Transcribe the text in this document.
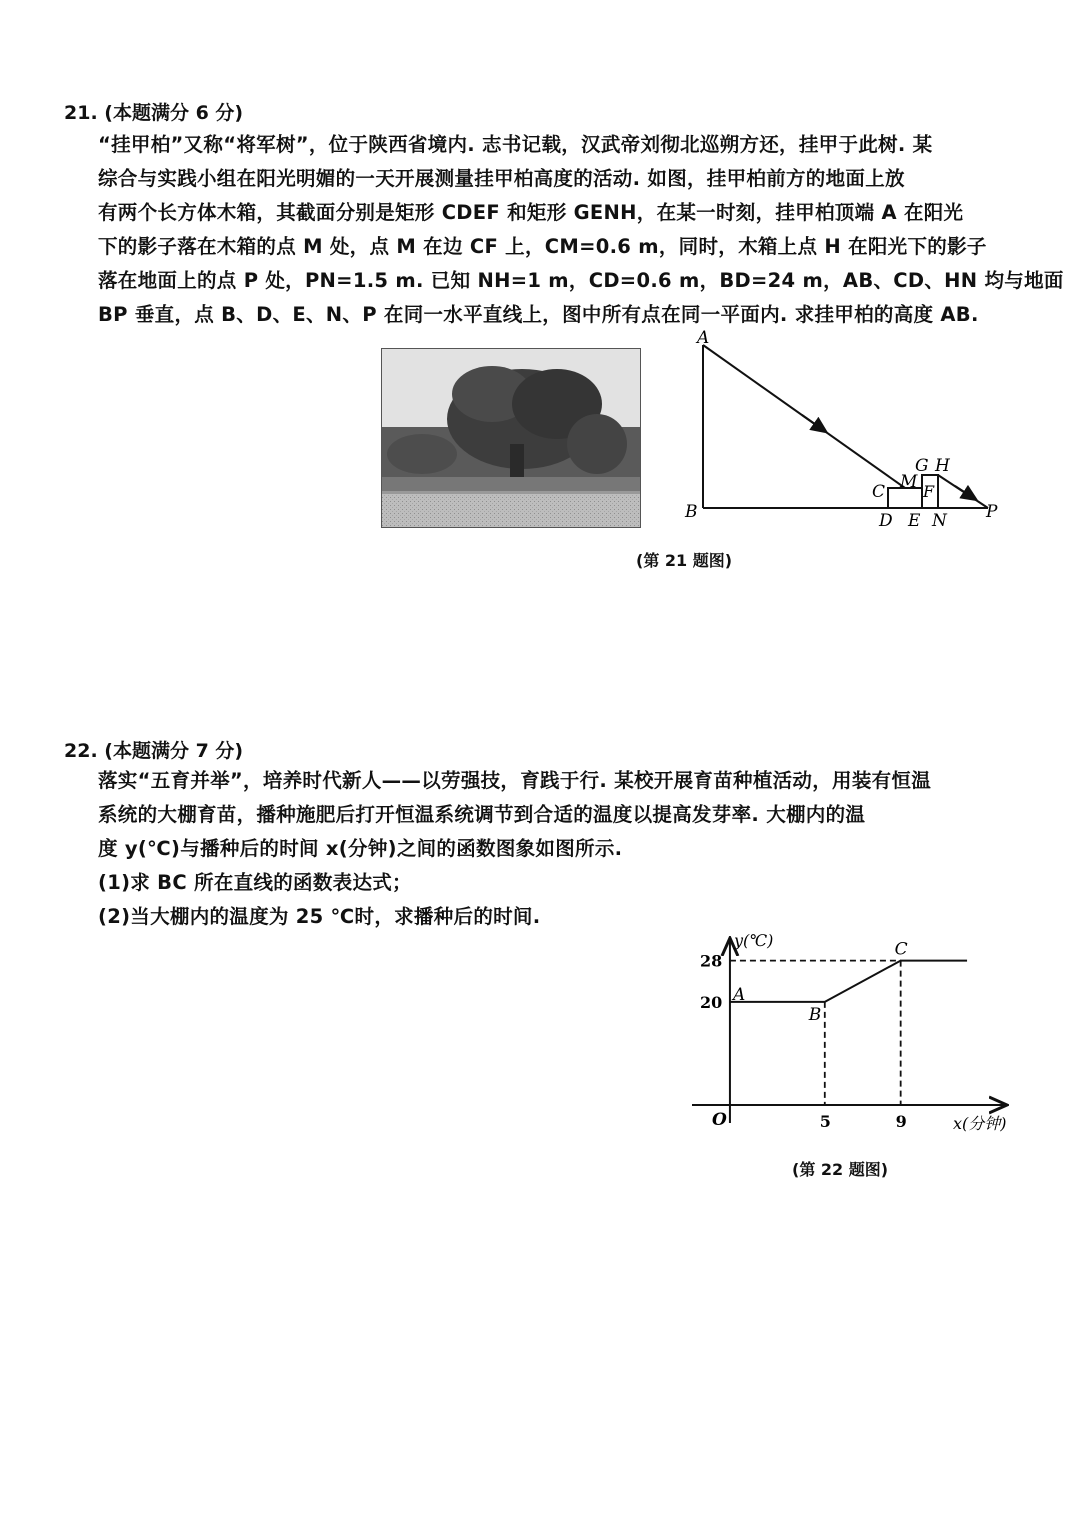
21. (本题满分 6 分)

“挂甲柏”又称“将军树”，位于陕西省境内. 志书记载，汉武帝刘彻北巡朔方还，挂甲于此树. 某

综合与实践小组在阳光明媚的一天开展测量挂甲柏高度的活动. 如图，挂甲柏前方的地面上放

有两个长方体木箱，其截面分别是矩形 CDEF 和矩形 GENH，在某一时刻，挂甲柏顶端 A 在阳光

下的影子落在木箱的点 M 处，点 M 在边 CF 上，CM=0.6 m，同时，木箱上点 H 在阳光下的影子

落在地面上的点 P 处，PN=1.5 m. 已知 NH=1 m，CD=0.6 m，BD=24 m，AB、CD、HN 均与地面

BP 垂直，点 B、D、E、N、P 在同一水平直线上，图中所有点在同一平面内. 求挂甲柏的高度 AB.

A
B
C M
G H
F
D E N P
(第 21 题图)
22. (本题满分 7 分)

落实“五育并举”，培养时代新人——以劳强技，育践于行. 某校开展育苗种植活动，用装有恒温

系统的大棚育苗，播种施肥后打开恒温系统调节到合适的温度以提高发芽率. 大棚内的温

度 y(℃)与播种后的时间 x(分钟)之间的函数图象如图所示.

(1)求 BC 所在直线的函数表达式；

(2)当大棚内的温度为 25 ℃时，求播种后的时间.

y(℃)
x(分钟)
O	5	9
20
28
A
B
C
(第 22 题图)
